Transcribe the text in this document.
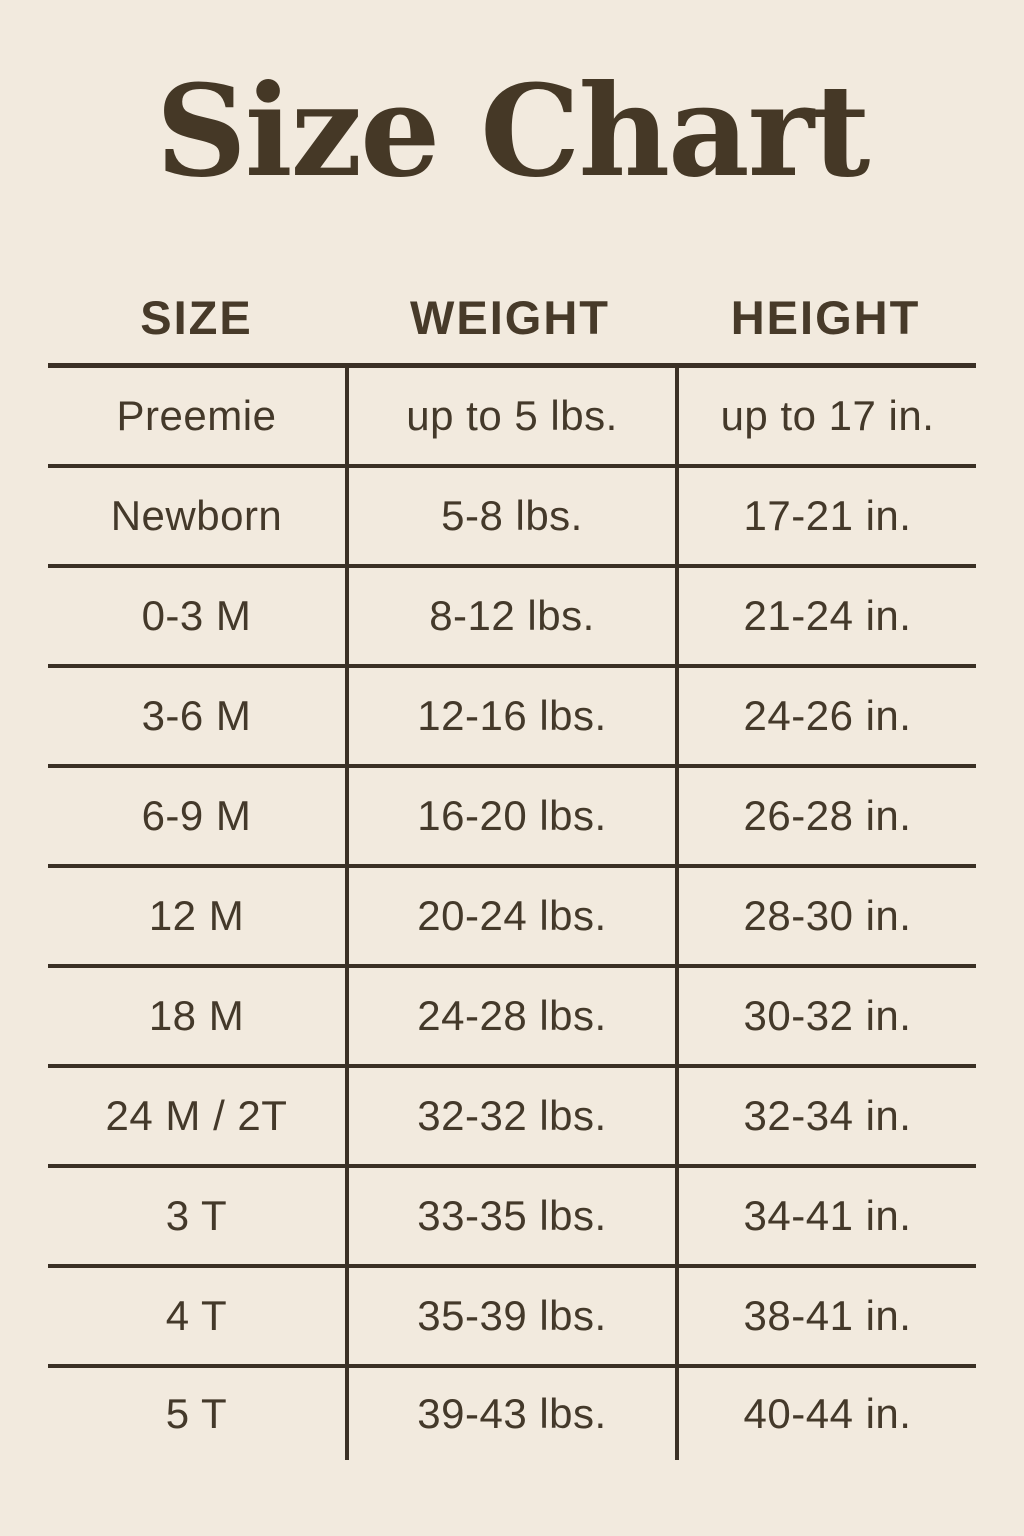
Size Chart
SIZE	WEIGHT	HEIGHT
Preemie	up to 5 lbs.	up to 17 in.
Newborn	5-8 lbs.	17-21 in.
0-3 M	8-12 lbs.	21-24 in.
3-6 M	12-16 lbs.	24-26 in.
6-9 M	16-20 lbs.	26-28 in.
12 M	20-24 lbs.	28-30 in.
18 M	24-28 lbs.	30-32 in.
24 M / 2T	32-32 lbs.	32-34 in.
3 T	33-35 lbs.	34-41 in.
4 T	35-39 lbs.	38-41 in.
5 T	39-43 lbs.	40-44 in.
